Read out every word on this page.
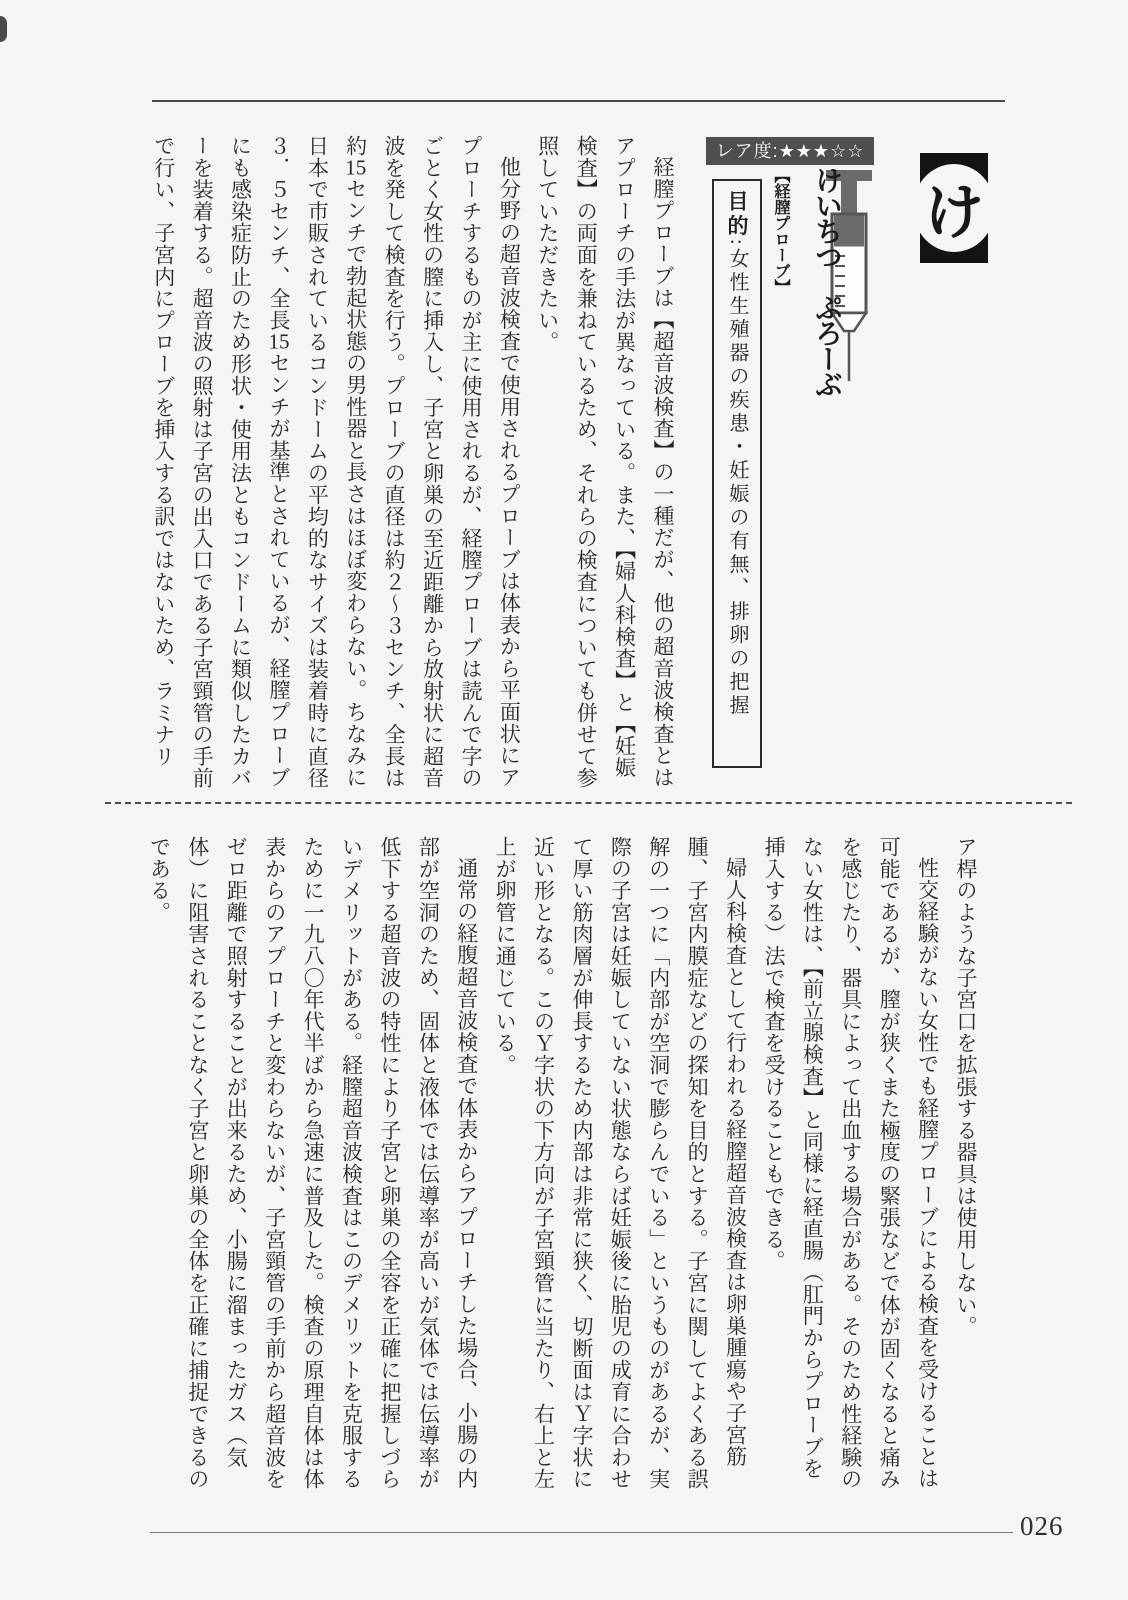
け
レア度:★★★☆☆
けいちつ　ぷろーぶ
【経膣プローブ】
目的:女性生殖器の疾患・妊娠の有無、排卵の把握

経膣プローブは【超音波検査】の一種だが、他の超音波検査とはアプローチの手法が異なっている。また、【婦人科検査】と【妊娠検査】の両面を兼ねているため、それらの検査についても併せて参照していただきたい。

他分野の超音波検査で使用されるプローブは体表から平面状にアプローチするものが主に使用されるが、経膣プローブは読んで字のごとく女性の膣に挿入し、子宮と卵巣の至近距離から放射状に超音波を発して検査を行う。プローブの直径は約２～３センチ、全長は約15センチで勃起状態の男性器と長さはほぼ変わらない。ちなみに日本で市販されているコンドームの平均的なサイズは装着時に直径３．５センチ、全長15センチが基準とされているが、経膣プローブにも感染症防止のため形状・使用法ともコンドームに類似したカバーを装着する。超音波の照射は子宮の出入口である子宮頸管の手前で行い、子宮内にプローブを挿入する訳ではないため、ラミナリ

ア桿のような子宮口を拡張する器具は使用しない。

性交経験がない女性でも経膣プローブによる検査を受けることは可能であるが、膣が狭くまた極度の緊張などで体が固くなると痛みを感じたり、器具によって出血する場合がある。そのため性経験のない女性は、【前立腺検査】と同様に経直腸（肛門からプローブを挿入する）法で検査を受けることもできる。

婦人科検査として行われる経膣超音波検査は卵巣腫瘍や子宮筋腫、子宮内膜症などの探知を目的とする。子宮に関してよくある誤解の一つに「内部が空洞で膨らんでいる」というものがあるが、実際の子宮は妊娠していない状態ならば妊娠後に胎児の成育に合わせて厚い筋肉層が伸長するため内部は非常に狭く、切断面はＹ字状に近い形となる。このＹ字状の下方向が子宮頸管に当たり、右上と左上が卵管に通じている。

通常の経腹超音波検査で体表からアプローチした場合、小腸の内部が空洞のため、固体と液体では伝導率が高いが気体では伝導率が低下する超音波の特性により子宮と卵巣の全容を正確に把握しづらいデメリットがある。経膣超音波検査はこのデメリットを克服するために一九八〇年代半ばから急速に普及した。検査の原理自体は体表からのアプローチと変わらないが、子宮頸管の手前から超音波をゼロ距離で照射することが出来るため、小腸に溜まったガス（気体）に阻害されることなく子宮と卵巣の全体を正確に捕捉できるのである。

026
